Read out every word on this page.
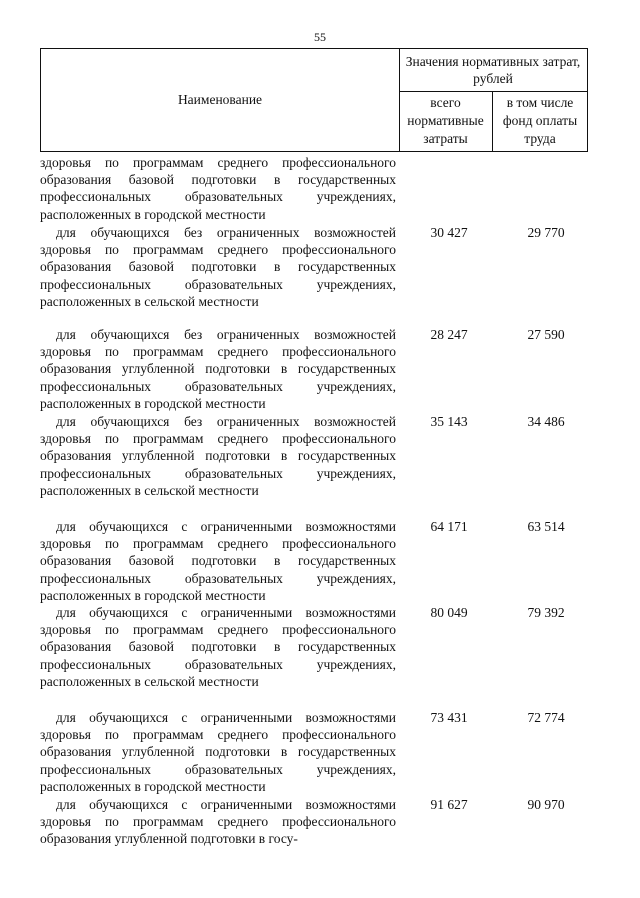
55
Наименование
Значения нормативных затрат, рублей
всего нормативные затраты
в том числе фонд оплаты труда
здоровья по программам среднего профессионального образования базовой подготовки в государственных профессиональных образовательных учреждениях, расположенных в городской местности
для обучающихся без ограниченных возможностей здоровья по программам среднего профессионального образования базовой подготовки в государственных профессиональных образовательных учреждениях, расположенных в сельской местности
30 427	29 770
для обучающихся без ограниченных возможностей здоровья по программам среднего профессионального образования углубленной подготовки в государственных профессиональных образовательных учреждениях, расположенных в городской местности
28 247	27 590
для обучающихся без ограниченных возможностей здоровья по программам среднего профессионального образования углубленной подготовки в государственных профессиональных образовательных учреждениях, расположенных в сельской местности
35 143	34 486
для обучающихся с ограниченными возможностями здоровья по программам среднего профессионального образования базовой подготовки в государственных профессиональных образовательных учреждениях, расположенных в городской местности
64 171	63 514
для обучающихся с ограниченными возможностями здоровья по программам среднего профессионального образования базовой подготовки в государственных профессиональных образовательных учреждениях, расположенных в сельской местности
80 049	79 392
для обучающихся с ограниченными возможностями здоровья по программам среднего профессионального образования углубленной подготовки в государственных профессиональных образовательных учреждениях, расположенных в городской местности
73 431	72 774
для обучающихся с ограниченными возможностями здоровья по программам среднего профессионального образования углубленной подготовки в госу-
91 627	90 970
